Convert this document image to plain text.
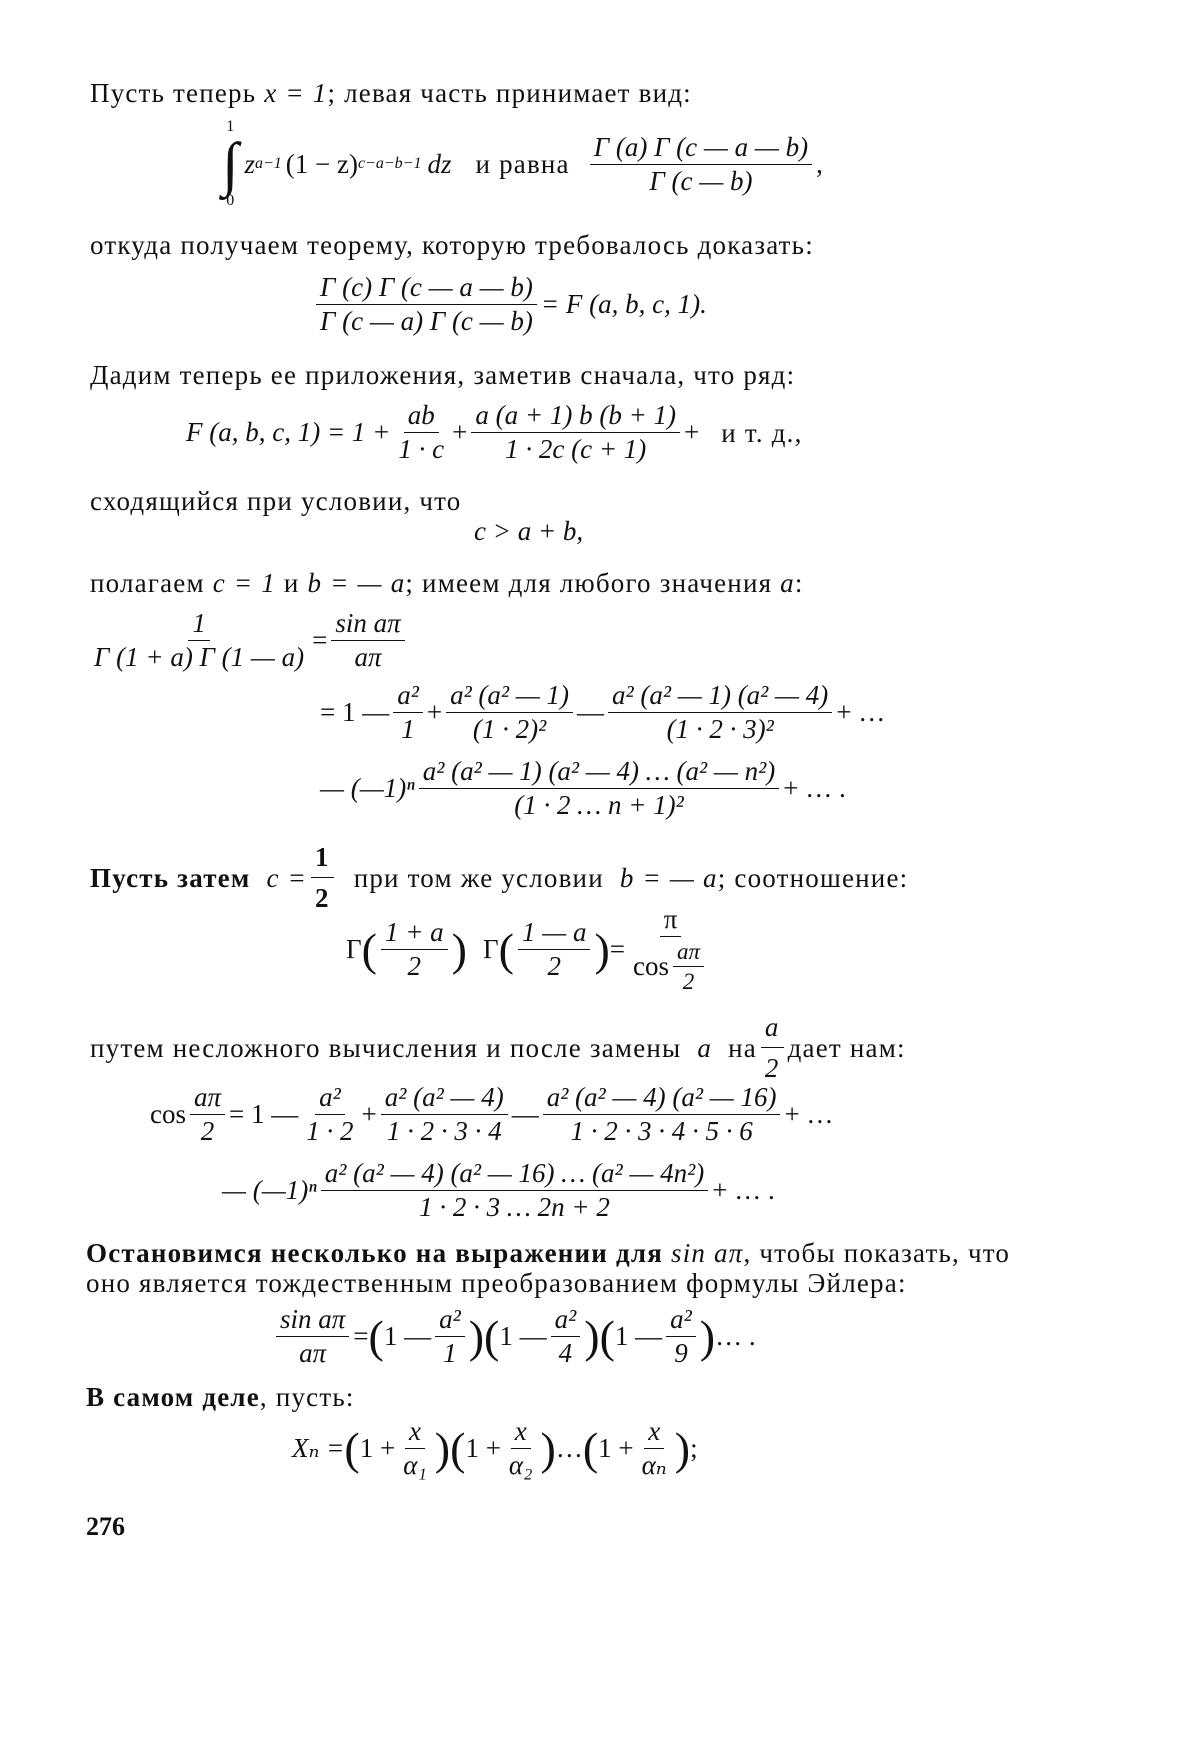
Пусть теперь x = 1; левая часть принимает вид:
1
∫
0
z a−1 (1 − z) c−a−b−1 dz и равна $\frac{\Gamma (a) \Gamma (c — a — b)}{\Gamma (c — b)}$ ,
откуда получаем теорему, которую требовалось доказать:
$\frac{\Gamma (c) \Gamma (c — a — b)}{\Gamma (c — a) \Gamma (c — b)} = F$ (a, b, c, 1).
Дадим теперь ее приложения, заметив сначала, что ряд:
F (a, b, c, $1) = 1 + \frac{ab}{1 \cdot c} + \frac{a (a + 1) b (b + 1)}{1 \cdot 2c (c + 1)} + и$ т. д.,
сходящийся при условии, что
c > a + b,
полагаем c = 1 и b = — a; имеем для любого значения a:
$\frac{1}{\Gamma (1 + a) \Gamma (1 — a)} = \frac{\text{sin aπ}}{a\pi}$
= 1 — $\frac{\text{a²}}{1} + \frac{\text{a² (a² — 1)}}{\text{(1 · 2)²}}$ — $\frac{\text{a² (a² — 1) (a² — 4)}}{\text{(1 · 2 · 3)²}}$ + …
— (—1)ⁿ $\frac{\text{a² (a² — 1) (a² — 4) … (a² — n²)}}{\text{(1 · 2 … n + 1)²}}$ + … .
Пусть затем $c = \frac{1}{2}$ при том же условии b = — a ; соотношение:
Γ ( $\frac{1 + a}{2}$ ) Γ ( $\frac{1 — a}{2}$ ) = $\frac{\pi}{\cos \frac{a\pi}{2}}$
путем несложного вычисления и после замены a на $\frac{a}{2}$ дает нам:
$\cos \frac{a\pi}{2} = 1$ — $\frac{\text{a²}}{1 \cdot 2} + \frac{\text{a² (a² — 4)}}{1 \cdot 2 \cdot 3 \cdot 4}$ — $\frac{\text{a² (a² — 4) (a² — 16)}}{1 \cdot 2 \cdot 3 \cdot 4 \cdot 5 \cdot 6}$ + …
— (—1)ⁿ $\frac{\text{a² (a² — 4) (a² — 16) … (a² — 4n²)}}{1 \cdot 2 \cdot 3 \dots 2n + 2}$ + … .
Остановимся несколько на выражении для sin aπ, чтобы показать, что
оно является тождественным преобразованием формулы Эйлера:
$\frac{\text{sin aπ}}{a\pi}$ = ( 1 — $\frac{\text{a²}}{1}$ ) ( 1 — $\frac{\text{a²}}{4}$ ) ( 1 — $\frac{\text{a²}}{9}$ ) … .
В самом деле, пусть:
Xₙ = ( $1 + \frac{x}{\text{α₁}}$ ) ( $1 + \frac{x}{\text{α₂}}$ ) … ( $1 + \frac{x}{\text{αₙ}}$ ) ;
276
